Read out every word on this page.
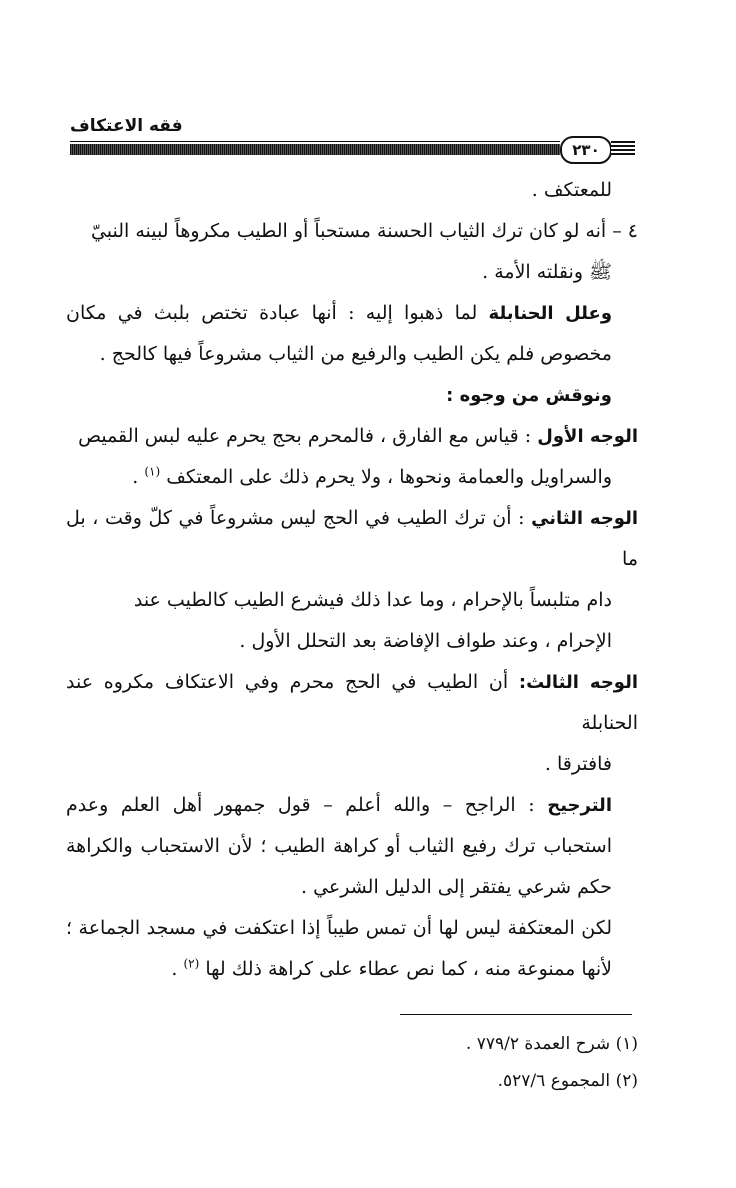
فقه الاعتكاف
٢٣٠

للمعتكف .

٤ – أنه لو كان ترك الثياب الحسنة مستحباً أو الطيب مكروهاً لبينه النبيّ
ﷺ ونقلته الأمة .

وعلل الحنابلة لما ذهبوا إليه : أنها عبادة تختص بلبث في مكان مخصوص فلم يكن الطيب والرفيع من الثياب مشروعاً فيها كالحج .

ونوقش من وجوه :

الوجه الأول : قياس مع الفارق ، فالمحرم بحج يحرم عليه لبس القميص
والسراويل والعمامة ونحوها ، ولا يحرم ذلك على المعتكف $^{(١)}$ .

الوجه الثاني : أن ترك الطيب في الحج ليس مشروعاً في كلّ وقت ، بل ما
دام متلبساً بالإحرام ، وما عدا ذلك فيشرع الطيب كالطيب عند
الإحرام ، وعند طواف الإفاضة بعد التحلل الأول .

الوجه الثالث: أن الطيب في الحج محرم وفي الاعتكاف مكروه عند الحنابلة
فافترقا .

الترجيح : الراجح – والله أعلم – قول جمهور أهل العلم وعدم استحباب ترك رفيع الثياب أو كراهة الطيب ؛ لأن الاستحباب والكراهة حكم شرعي يفتقر إلى الدليل الشرعي .

لكن المعتكفة ليس لها أن تمس طيباً إذا اعتكفت في مسجد الجماعة ؛ لأنها ممنوعة منه ، كما نص عطاء على كراهة ذلك لها $^{(٢)}$ .

(١) شرح العمدة ٧٧٩/٢ .

(٢) المجموع ٥٢٧/٦.
